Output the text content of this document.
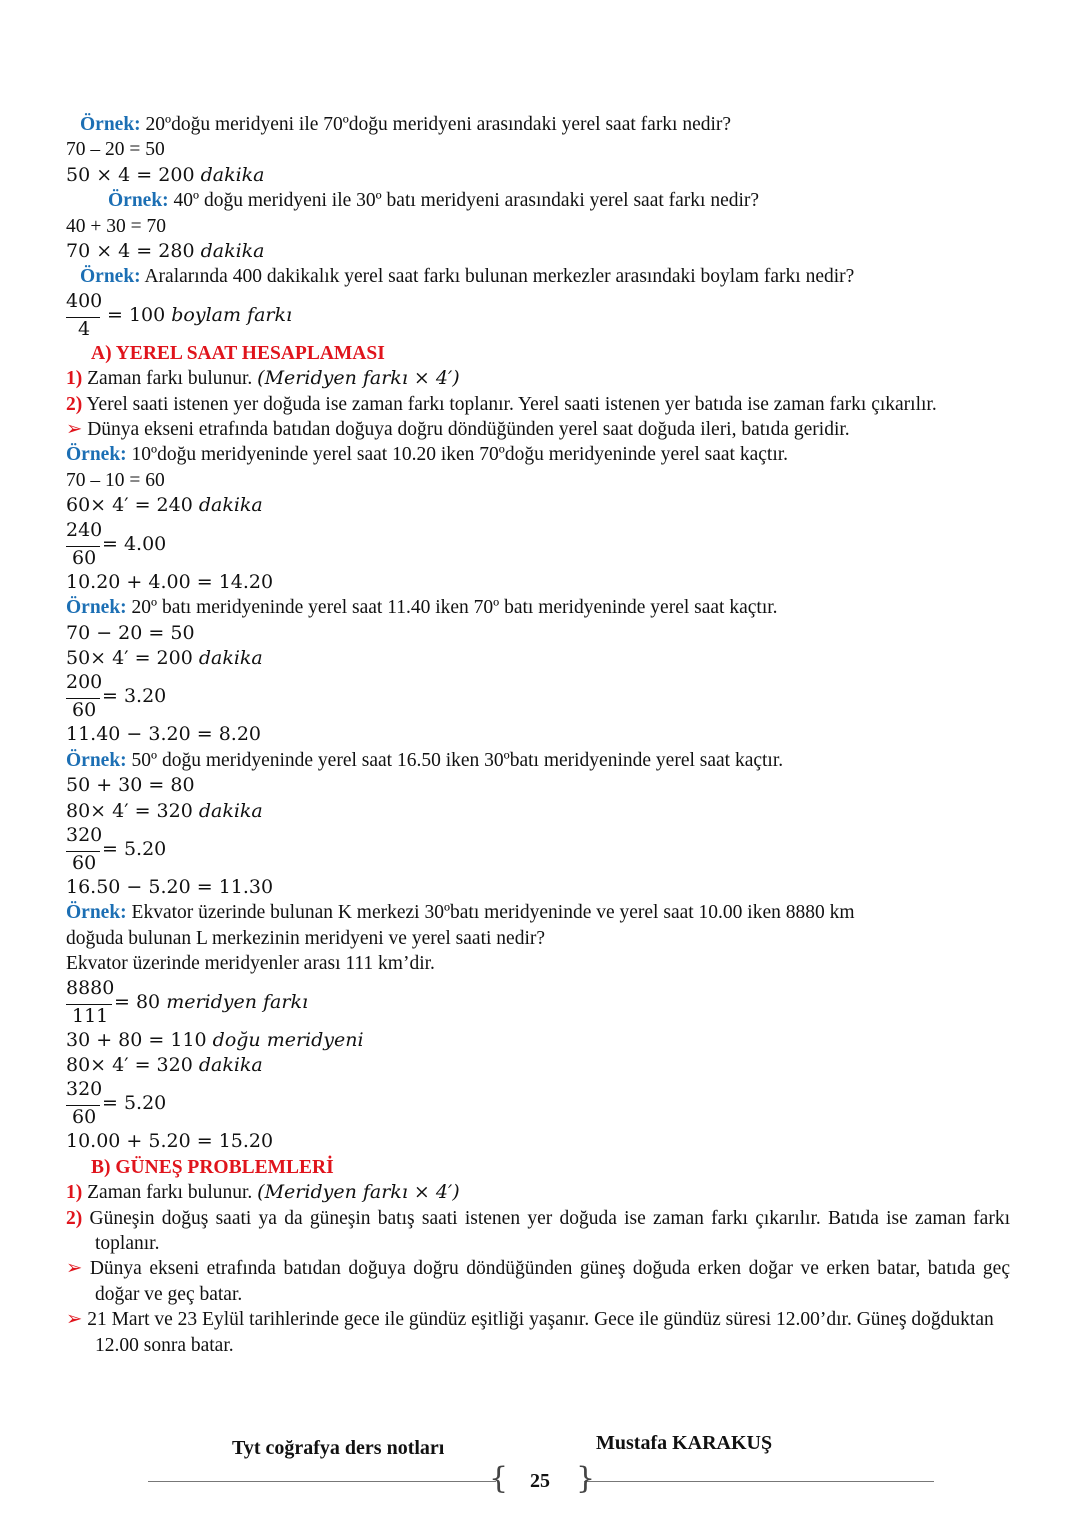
Örnek: 20ºdoğu meridyeni ile 70ºdoğu meridyeni arasındaki yerel saat farkı nedir?
70 – 20 = 50
50 × 4 = 200 dakika
Örnek: 40º doğu meridyeni ile 30º batı meridyeni arasındaki yerel saat farkı nedir?
40 + 30 = 70
70 × 4 = 280 dakika
Örnek: Aralarında 400 dakikalık yerel saat farkı bulunan merkezler arasındaki boylam farkı nedir?
400
4
= 100 boylam farkı
A) YEREL SAAT HESAPLAMASI
1) Zaman farkı bulunur. (Meridyen farkı × 4′)
2) Yerel saati istenen yer doğuda ise zaman farkı toplanır. Yerel saati istenen yer batıda ise zaman farkı çıkarılır.
➢ Dünya ekseni etrafında batıdan doğuya doğru döndüğünden yerel saat doğuda ileri, batıda geridir.
Örnek: 10ºdoğu meridyeninde yerel saat 10.20 iken 70ºdoğu meridyeninde yerel saat kaçtır.
70 – 10 = 60
60× 4′ = 240 dakika
240
60
= 4.00
10.20 + 4.00 = 14.20
Örnek: 20º batı meridyeninde yerel saat 11.40 iken 70º batı meridyeninde yerel saat kaçtır.
70 − 20 = 50
50× 4′ = 200 dakika
200
60
= 3.20
11.40 − 3.20 = 8.20
Örnek: 50º doğu meridyeninde yerel saat 16.50 iken 30ºbatı meridyeninde yerel saat kaçtır.
50 + 30 = 80
80× 4′ = 320 dakika
320
60
= 5.20
16.50 − 5.20 = 11.30
Örnek: Ekvator üzerinde bulunan K merkezi 30ºbatı meridyeninde ve yerel saat 10.00 iken 8880 km
doğuda bulunan L merkezinin meridyeni ve yerel saati nedir?
Ekvator üzerinde meridyenler arası 111 km’dir.
8880
111
= 80 meridyen farkı
30 + 80 = 110 doğu meridyeni
80× 4′ = 320 dakika
320
60
= 5.20
10.00 + 5.20 = 15.20
B) GÜNEŞ PROBLEMLERİ
1) Zaman farkı bulunur. (Meridyen farkı × 4′)
2) Güneşin doğuş saati ya da güneşin batış saati istenen yer doğuda ise zaman farkı çıkarılır. Batıda ise zaman farkı toplanır.
➢ Dünya ekseni etrafında batıdan doğuya doğru döndüğünden güneş doğuda erken doğar ve erken batar, batıda geç doğar ve geç batar.
➢ 21 Mart ve 23 Eylül tarihlerinde gece ile gündüz eşitliği yaşanır. Gece ile gündüz süresi 12.00’dır. Güneş doğduktan 12.00 sonra batar.
Tyt coğrafya ders notları	Mustafa KARAKUŞ
{ }
25
